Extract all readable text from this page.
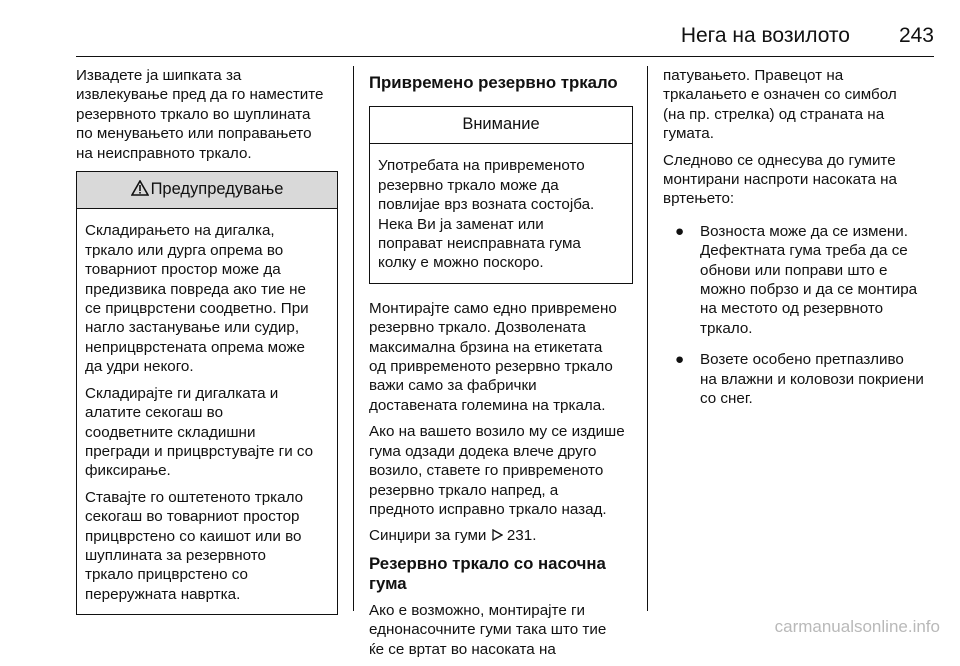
Нега на возилото	243

Извадете ја шипката за
извлекување пред да го наместите
резервното тркало во шуплината
по менувањето или поправањето
на неисправното тркало.

Предупредување

Складирањето на дигалка,
тркало или дурга опрема во
товарниот простор може да
предизвика повреда ако тие не
се прицврстени соодветно. При
нагло застанување или судир,
неприцврстената опрема може
да удри некого.

Складирајте ги дигалката и
алатите секогаш во
соодветните складишни
прегради и прицврстувајте ги со
фиксирање.

Ставајте го оштетеното тркало
секогаш во товарниот простор
прицврстено со каишот или во
шуплината за резервното
тркало прицврстено со
переружната навртка.

Привремено резервно тркало
Внимание

Употребата на привременото
резервно тркало може да
повлијае врз возната состојба.
Нека Ви ја заменат или
поправат неисправната гума
колку е можно поскоро.

Монтирајте само едно привремено
резервно тркало. Дозволената
максимална брзина на етикетата
од привременото резервно тркало
важи само за фабрички
доставената големина на тркала.

Ако на вашето возило му се издише
гума одзади додека влече друго
возило, ставете го привременото
резервно тркало напред, а
предното исправно тркало назад.

Синџири за гуми 231.

Резервно тркало со насочна
гума

Ако е возможно, монтирајте ги
еднонасочните гуми така што тие
ќе се вртат во насоката на

патувањето. Правецот на
тркалањето е означен со симбол
(на пр. стрелка) од страната на
гумата.

Следново се однесува до гумите
монтирани наспроти насоката на
вртењето:

● Возноста може да се измени.
Дефектната гума треба да се
обнови или поправи што е
можно побрзо и да се монтира
на местото од резервното
тркало.
● Возете особено претпазливо
на влажни и коловози покриени
со снег.
carmanualsonline.info
